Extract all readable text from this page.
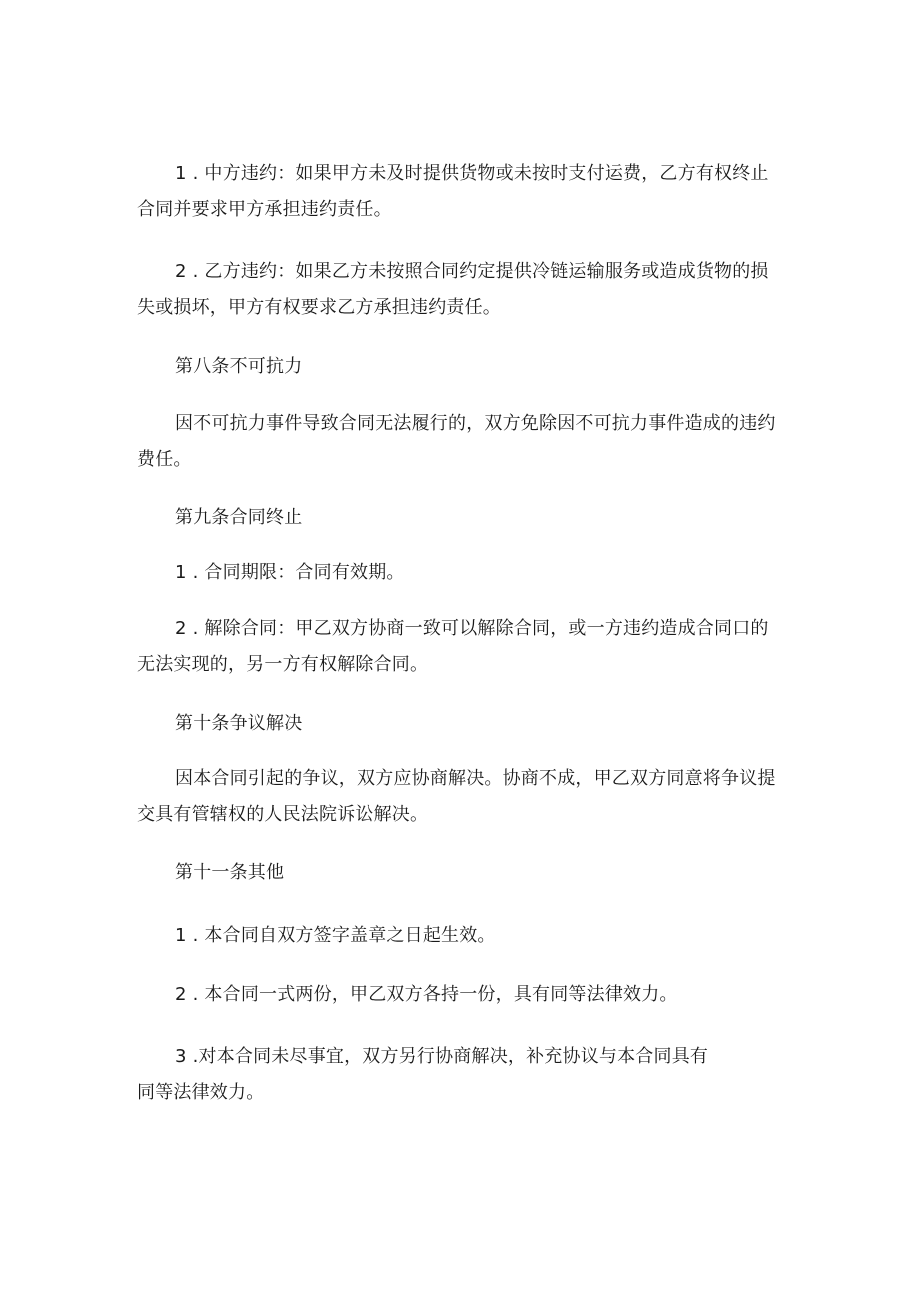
1 . 中方违约：如果甲方未及时提供货物或未按时支付运费，乙方有权终止

合同并要求甲方承担违约责任。

2 . 乙方违约：如果乙方未按照合同约定提供冷链运输服务或造成货物的损

失或损坏，甲方有权要求乙方承担违约责任。

第八条不可抗力

因不可抗力事件导致合同无法履行的，双方免除因不可抗力事件造成的违约

费任。

第九条合同终止

1 . 合同期限：合同有效期。

2 . 解除合同：甲乙双方协商一致可以解除合同，或一方违约造成合同口的

无法实现的，另一方有权解除合同。

第十条争议解决

因本合同引起的争议，双方应协商解决。协商不成，甲乙双方同意将争议提

交具有管辖权的人民法院诉讼解决。

第十一条其他

1 . 本合同自双方签字盖章之日起生效。

2 . 本合同一式两份，甲乙双方各持一份，具有同等法律效力。

3 .对本合同未尽事宜，双方另行协商解决，补充协议与本合同具有

同等法律效力。
